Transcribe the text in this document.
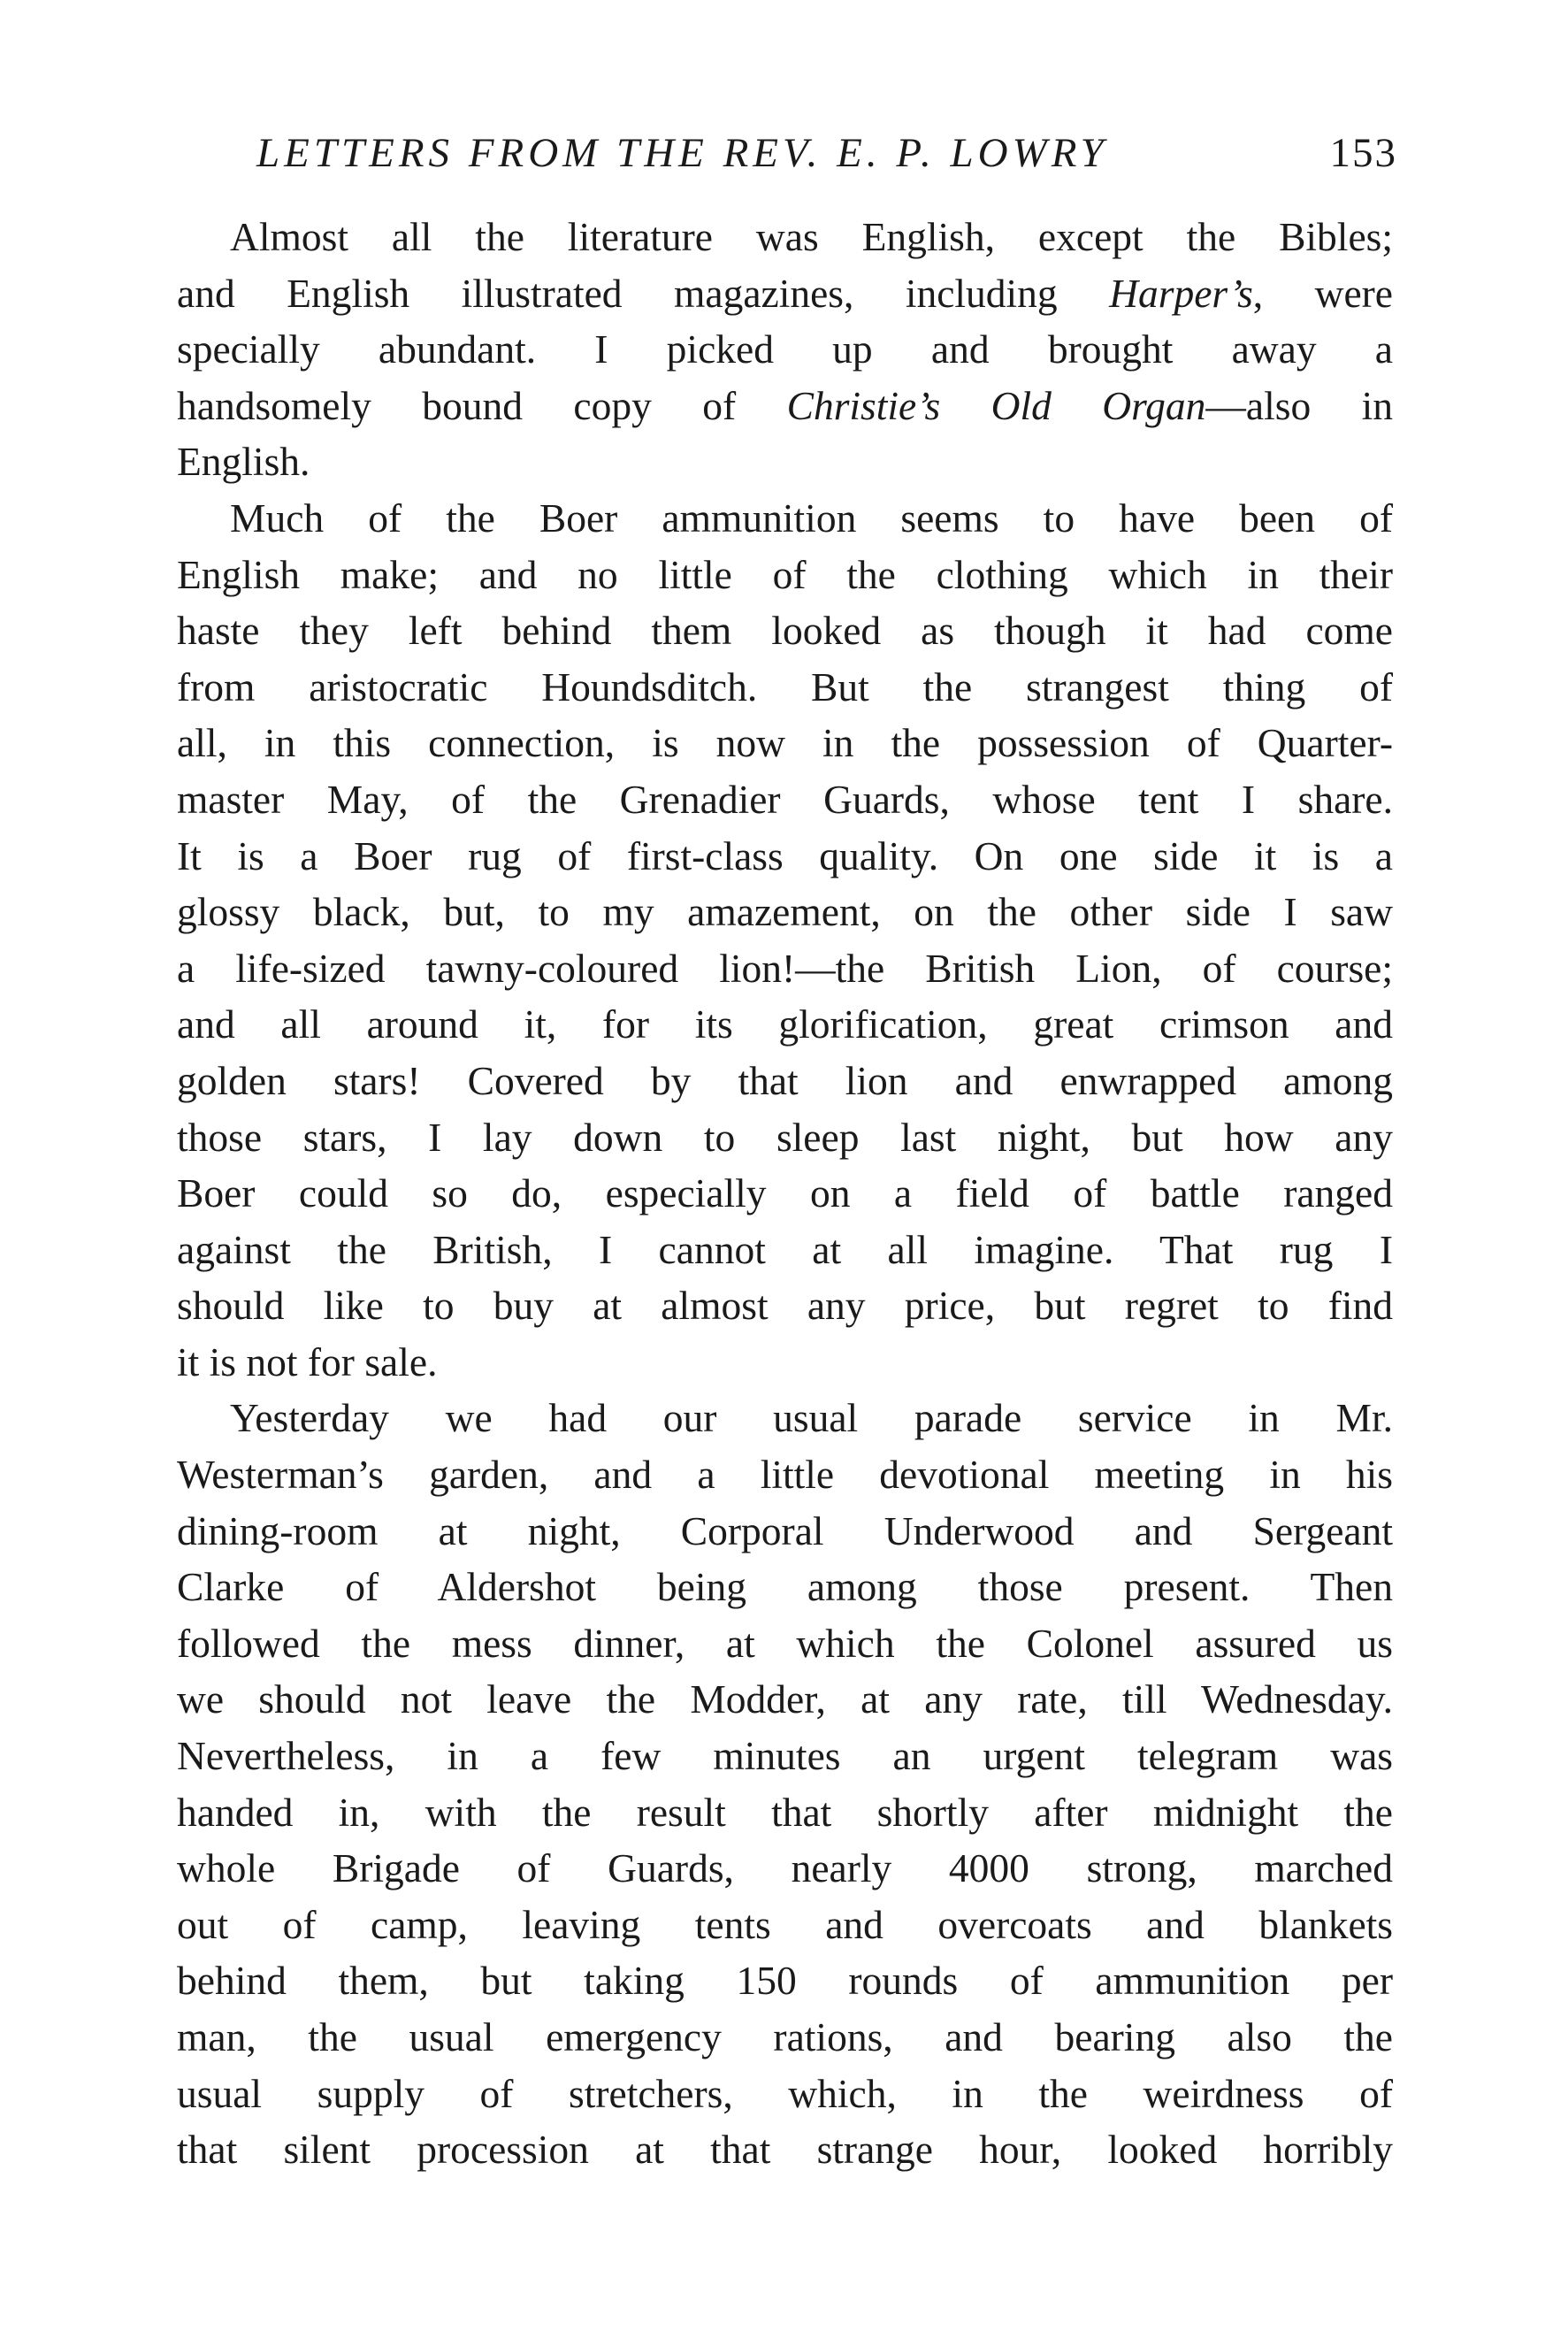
LETTERS FROM THE REV. E. P. LOWRY	153

Almost all the literature was English, except the Bibles;
and English illustrated magazines, including Harper’s, were
specially abundant. I picked up and brought away a
handsomely bound copy of Christie’s Old Organ—also in
English.

Much of the Boer ammunition seems to have been of
English make; and no little of the clothing which in their
haste they left behind them looked as though it had come
from aristocratic Houndsditch. But the strangest thing of
all, in this connection, is now in the possession of Quarter-
master May, of the Grenadier Guards, whose tent I share.
It is a Boer rug of first-class quality. On one side it is a
glossy black, but, to my amazement, on the other side I saw
a life-sized tawny-coloured lion!—the British Lion, of course;
and all around it, for its glorification, great crimson and
golden stars! Covered by that lion and enwrapped among
those stars, I lay down to sleep last night, but how any
Boer could so do, especially on a field of battle ranged
against the British, I cannot at all imagine. That rug I
should like to buy at almost any price, but regret to find
it is not for sale.

Yesterday we had our usual parade service in Mr.
Westerman’s garden, and a little devotional meeting in his
dining-room at night, Corporal Underwood and Sergeant
Clarke of Aldershot being among those present. Then
followed the mess dinner, at which the Colonel assured us
we should not leave the Modder, at any rate, till Wednesday.
Nevertheless, in a few minutes an urgent telegram was
handed in, with the result that shortly after midnight the
whole Brigade of Guards, nearly 4000 strong, marched
out of camp, leaving tents and overcoats and blankets
behind them, but taking 150 rounds of ammunition per
man, the usual emergency rations, and bearing also the
usual supply of stretchers, which, in the weirdness of
that silent procession at that strange hour, looked horribly
